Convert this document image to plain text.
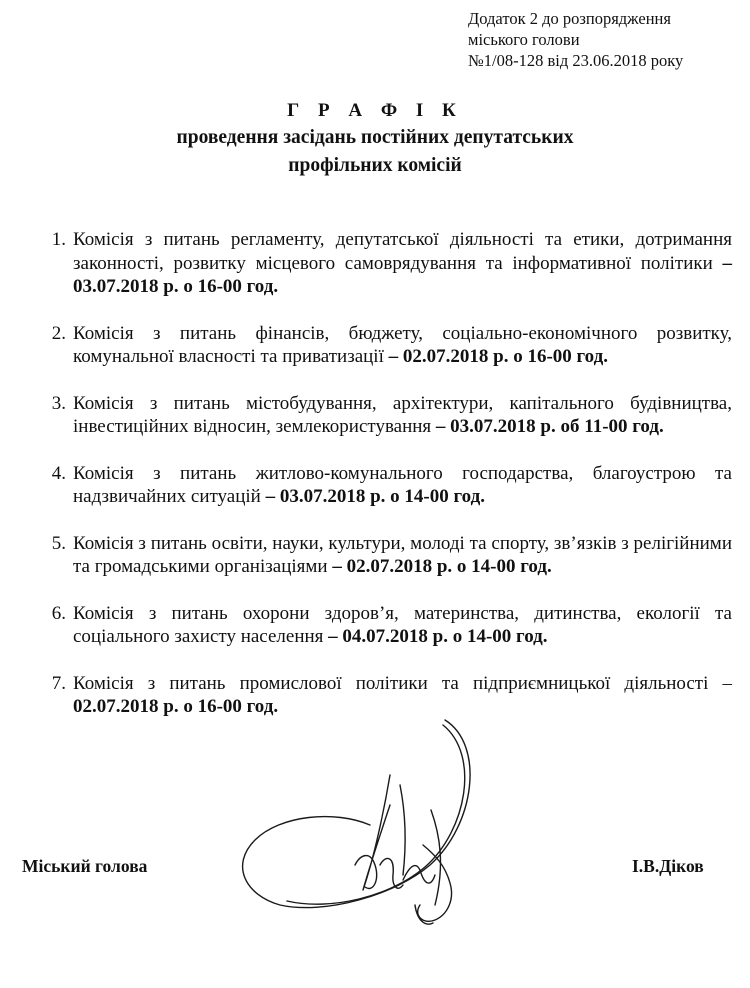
Додаток 2 до розпорядження
міського голови
№1/08-128 від 23.06.2018 року
Г Р А Ф І К
проведення засідань постійних депутатських
профільних комісій
1. Комісія з питань регламенту, депутатської діяльності та етики, дотримання законності, розвитку місцевого самоврядування та інформативної політики – 03.07.2018 р. о 16-00 год.
2. Комісія з питань фінансів, бюджету, соціально-економічного розвитку, комунальної власності та приватизації – 02.07.2018 р. о 16-00 год.
3. Комісія з питань містобудування, архітектури, капітального будівництва, інвестиційних відносин, землекористування – 03.07.2018 р. об 11-00 год.
4. Комісія з питань житлово-комунального господарства, благоустрою та надзвичайних ситуацій – 03.07.2018 р. о 14-00 год.
5. Комісія з питань освіти, науки, культури, молоді та спорту, зв’язків з релігійними та громадськими організаціями – 02.07.2018 р. о 14-00 год.
6. Комісія з питань охорони здоров’я, материнства, дитинства, екології та соціального захисту населення – 04.07.2018 р. о 14-00 год.
7. Комісія з питань промислової політики та підприємницької діяльності – 02.07.2018 р. о 16-00 год.
Міський голова	І.В.Діков
